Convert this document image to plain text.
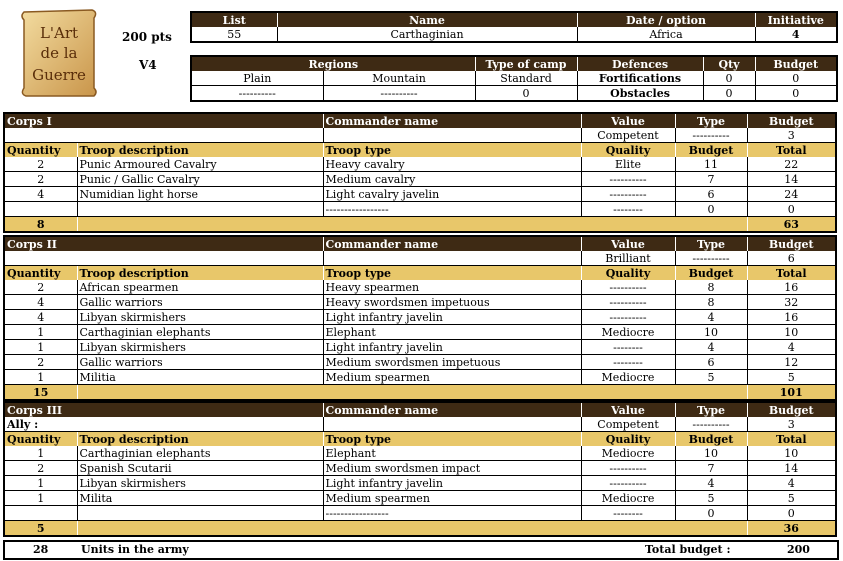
L'Art
de la
Guerre
200 pts
V4
List	Name	Date / option	Initiative
55	Carthaginian	Africa	4
Regions		Type of camp	Defences	Qty	Budget
Plain	Mountain	Standard	Fortifications	0	0
----------	----------	0	Obstacles	0	0
Corps I		Commander name	Value	Type	Budget
			Competent	----------	3
Quantity	Troop description	Troop type	Quality	Budget	Total
2	Punic Armoured Cavalry	Heavy cavalry	Elite	11	22
2	Punic / Gallic Cavalry	Medium cavalry	----------	7	14
4	Numidian light horse	Light cavalry javelin	----------	6	24
		-----------------	--------	0	0
8					63
Corps II		Commander name	Value	Type	Budget
			Brilliant	----------	6
Quantity	Troop description	Troop type	Quality	Budget	Total
2	African spearmen	Heavy spearmen	----------	8	16
4	Gallic warriors	Heavy swordsmen impetuous	----------	8	32
4	Libyan skirmishers	Light infantry javelin	----------	4	16
1	Carthaginian elephants	Elephant	Mediocre	10	10
1	Libyan skirmishers	Light infantry javelin	--------	4	4
2	Gallic warriors	Medium swordsmen impetuous	--------	6	12
1	Militia	Medium spearmen	Mediocre	5	5
15					101
Corps III		Commander name	Value	Type	Budget
Ally :			Competent	----------	3
Quantity	Troop description	Troop type	Quality	Budget	Total
1	Carthaginian elephants	Elephant	Mediocre	10	10
2	Spanish Scutarii	Medium swordsmen impact	----------	7	14
1	Libyan skirmishers	Light infantry javelin	----------	4	4
1	Milita	Medium spearmen	Mediocre	5	5
		-----------------	--------	0	0
5					36
28	Units in the army	Total budget :	200
